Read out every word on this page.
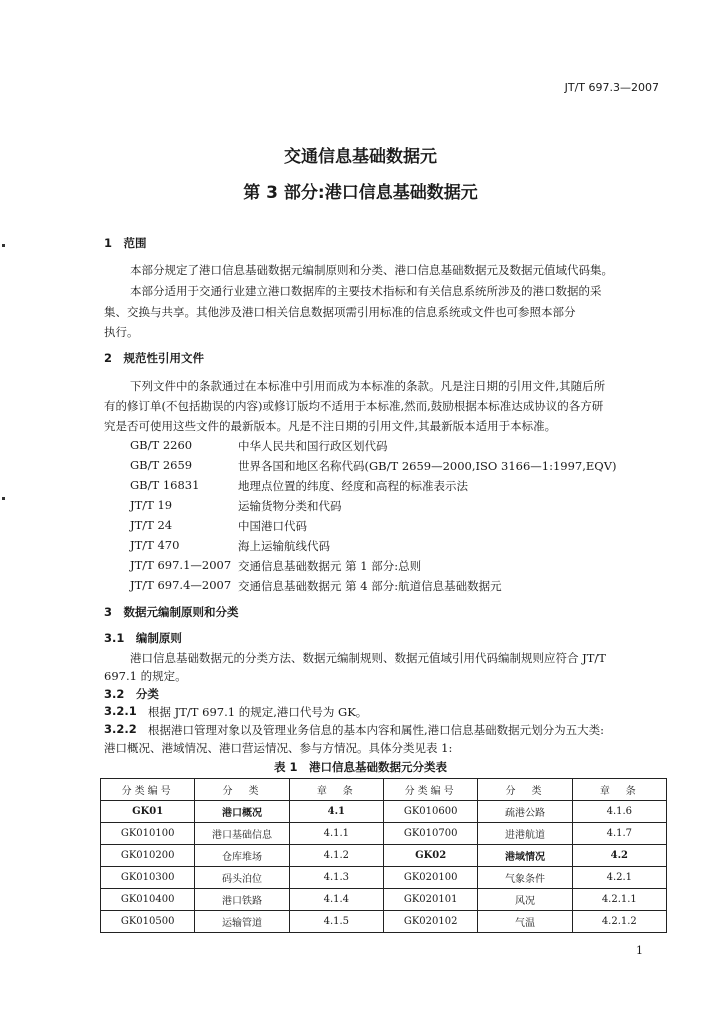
JT/T 697.3—2007
交通信息基础数据元
第 3 部分:港口信息基础数据元
1　范围
本部分规定了港口信息基础数据元编制原则和分类、港口信息基础数据元及数据元值域代码集。
本部分适用于交通行业建立港口数据库的主要技术指标和有关信息系统所涉及的港口数据的采
集、交换与共享。其他涉及港口相关信息数据项需引用标准的信息系统或文件也可参照本部分
执行。
2　规范性引用文件
下列文件中的条款通过在本标准中引用而成为本标准的条款。凡是注日期的引用文件,其随后所
有的修订单(不包括勘误的内容)或修订版均不适用于本标准,然而,鼓励根据本标准达成协议的各方研
究是否可使用这些文件的最新版本。凡是不注日期的引用文件,其最新版本适用于本标准。
GB/T 2260	中华人民共和国行政区划代码
GB/T 2659	世界各国和地区名称代码(GB/T 2659—2000,ISO 3166—1:1997,EQV)
GB/T 16831	地理点位置的纬度、经度和高程的标准表示法
JT/T 19	运输货物分类和代码
JT/T 24	中国港口代码
JT/T 470	海上运输航线代码
JT/T 697.1—2007 交通信息基础数据元 第 1 部分:总则
JT/T 697.4—2007 交通信息基础数据元 第 4 部分:航道信息基础数据元
3　数据元编制原则和分类
3.1　编制原则
港口信息基础数据元的分类方法、数据元编制规则、数据元值域引用代码编制规则应符合 JT/T
697.1 的规定。
3.2　分类
3.2.1 根据 JT/T 697.1 的规定,港口代号为 GK。
3.2.2 根据港口管理对象以及管理业务信息的基本内容和属性,港口信息基础数据元划分为五大类:
港口概况、港域情况、港口营运情况、参与方情况。具体分类见表 1:
表 1　港口信息基础数据元分类表
分类编号	分　类	章　条	分类编号	分　类	章　条
GK01	港口概况	4.1	GK010600	疏港公路	4.1.6
GK010100	港口基础信息	4.1.1	GK010700	进港航道	4.1.7
GK010200	仓库堆场	4.1.2	GK02	港域情况	4.2
GK010300	码头泊位	4.1.3	GK020100	气象条件	4.2.1
GK010400	港口铁路	4.1.4	GK020101	风况	4.2.1.1
GK010500	运输管道	4.1.5	GK020102	气温	4.2.1.2
1
